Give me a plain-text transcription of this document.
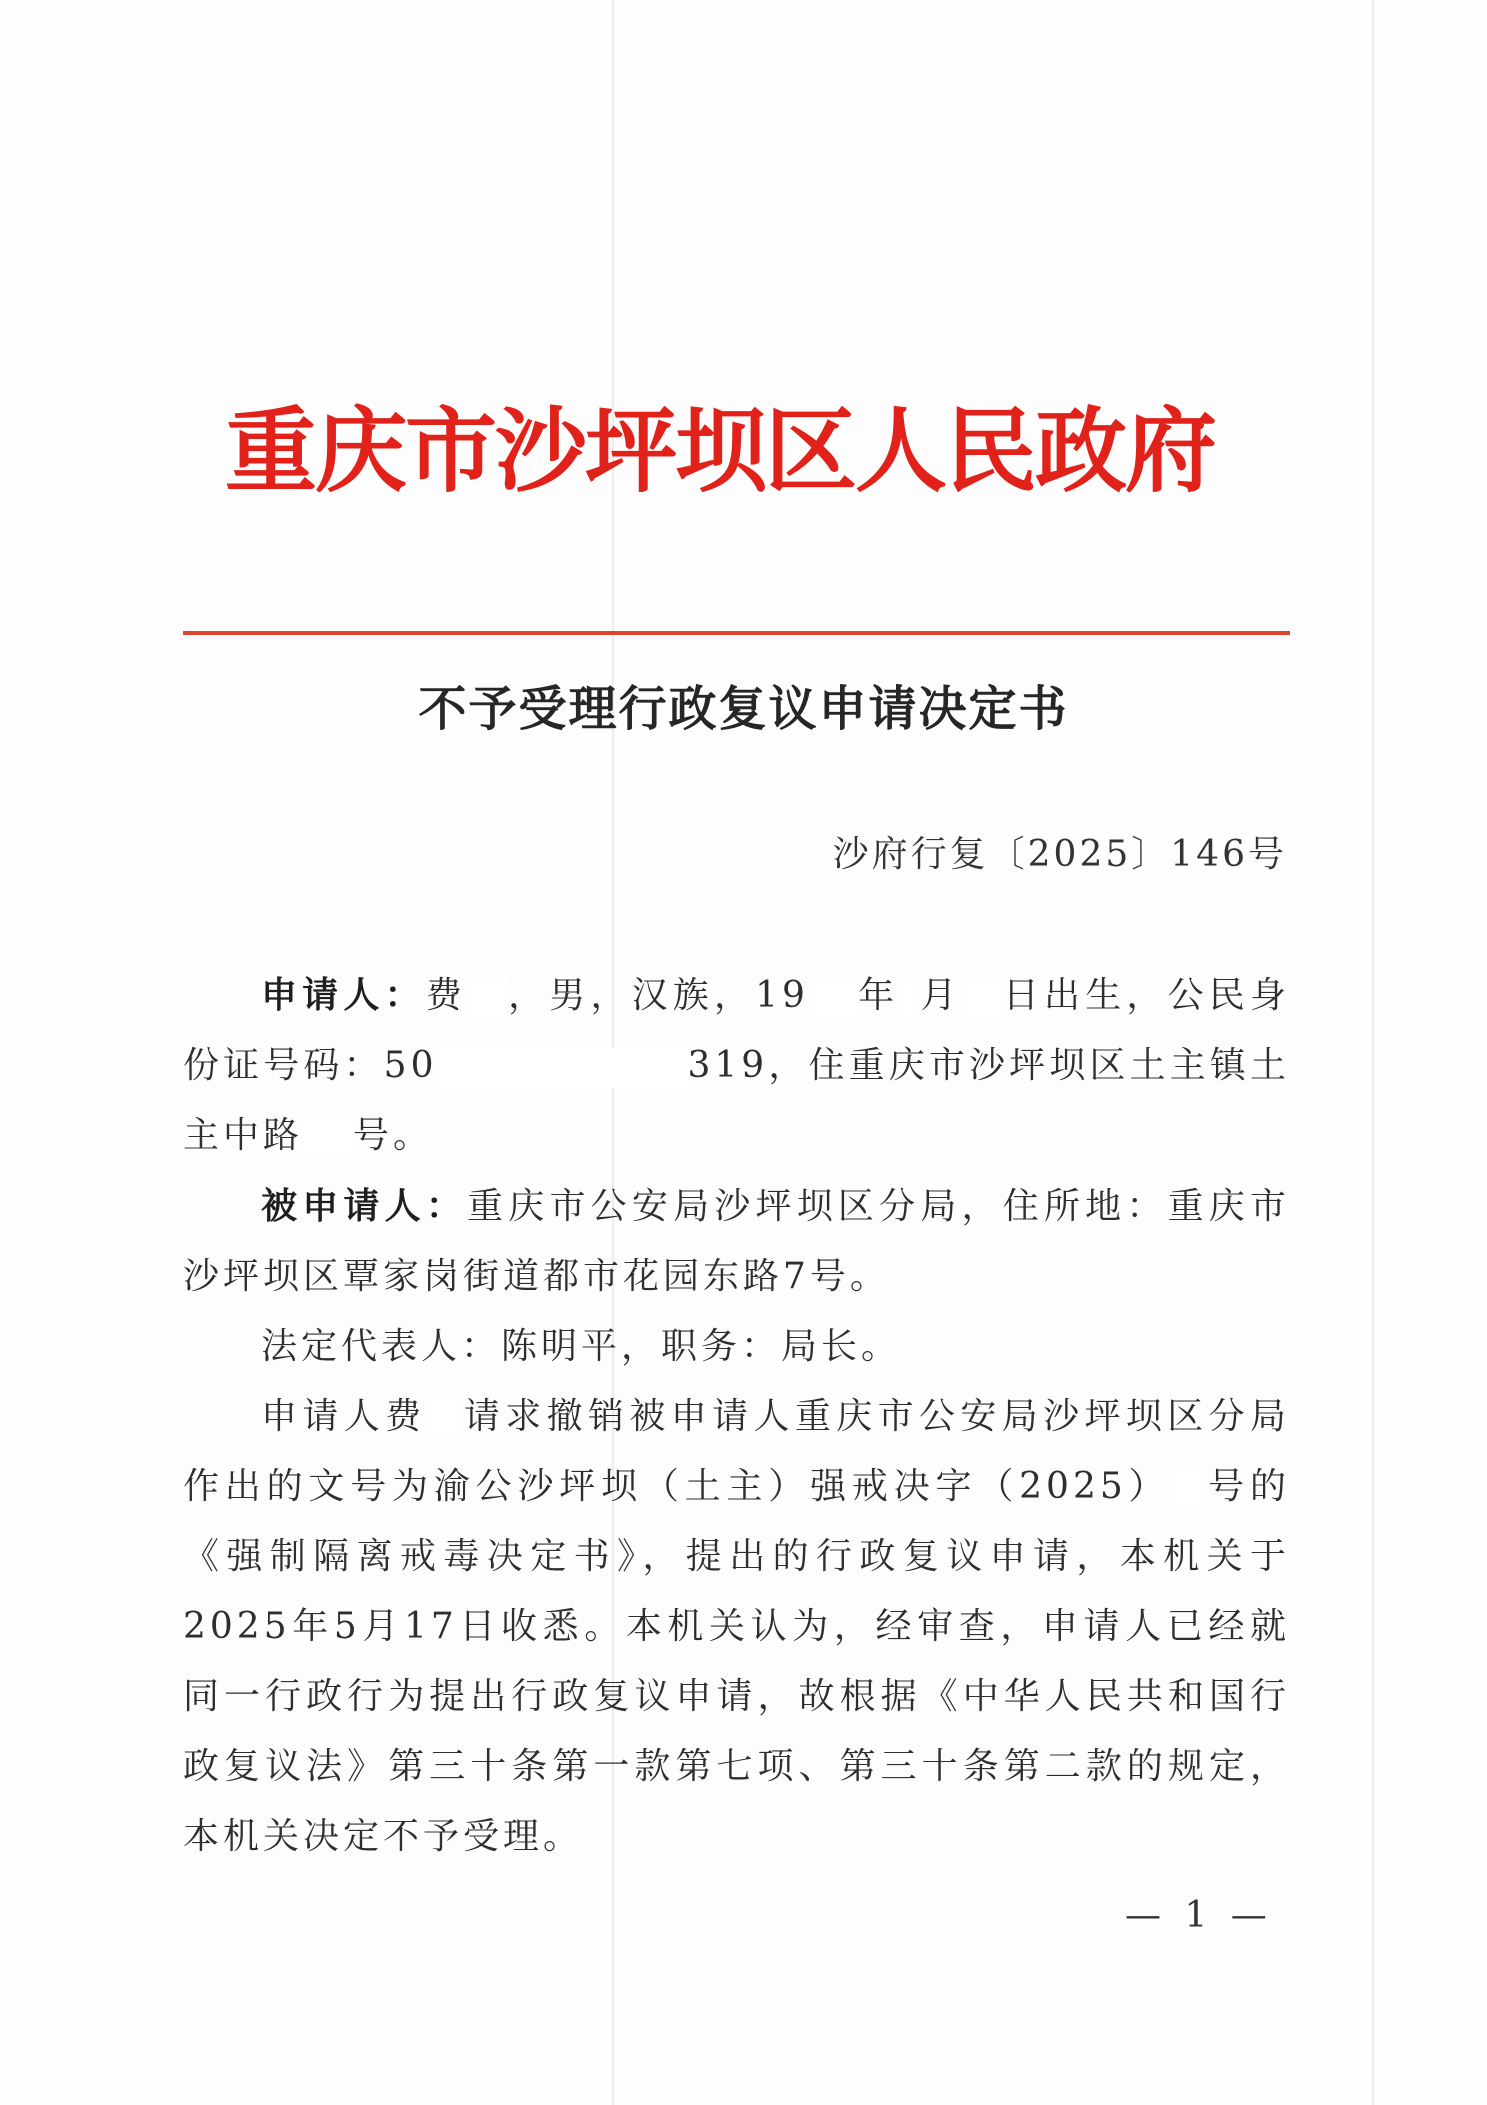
重庆市沙坪坝区人民政府
不予受理行政复议申请决定书
沙府行复〔2025〕146号

申请人：费 ，男，汉族，19 年 月 日出生，公民身份证号码：50	319，住重庆市沙坪坝区土主镇土主中路 号。

被申请人：重庆市公安局沙坪坝区分局，住所地：重庆市沙坪坝区覃家岗街道都市花园东路7号。

法定代表人：陈明平，职务：局长。

申请人费 请求撤销被申请人重庆市公安局沙坪坝区分局作出的文号为渝公沙坪坝（土主）强戒决字（2025） 号的《强制隔离戒毒决定书》，提出的行政复议申请，本机关于2025年5月17日收悉。本机关认为，经审查，申请人已经就同一行政行为提出行政复议申请，故根据《中华人民共和国行政复议法》第三十条第一款第七项、第三十条第二款的规定，本机关决定不予受理。

— 1 —
